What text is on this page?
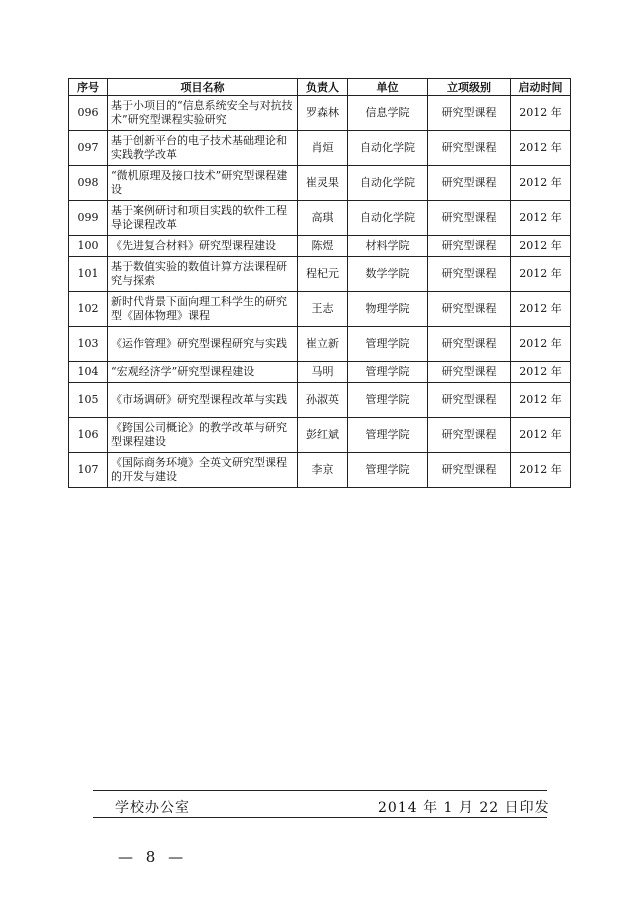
序号	项目名称	负责人	单位	立项级别	启动时间
096	基于小项目的“信息系统安全与对抗技术”研究型课程实验研究	罗森林	信息学院	研究型课程	2012 年
097	基于创新平台的电子技术基础理论和实践教学改革	肖烜	自动化学院	研究型课程	2012 年
098	“微机原理及接口技术”研究型课程建设	崔灵果	自动化学院	研究型课程	2012 年
099	基于案例研讨和项目实践的软件工程导论课程改革	高琪	自动化学院	研究型课程	2012 年
100	《先进复合材料》研究型课程建设	陈煜	材料学院	研究型课程	2012 年
101	基于数值实验的数值计算方法课程研究与探索	程杞元	数学学院	研究型课程	2012 年
102	新时代背景下面向理工科学生的研究型《固体物理》课程	王志	物理学院	研究型课程	2012 年
103	《运作管理》研究型课程研究与实践	崔立新	管理学院	研究型课程	2012 年
104	“宏观经济学”研究型课程建设	马明	管理学院	研究型课程	2012 年
105	《市场调研》研究型课程改革与实践	孙淑英	管理学院	研究型课程	2012 年
106	《跨国公司概论》的教学改革与研究型课程建设	彭红斌	管理学院	研究型课程	2012 年
107	《国际商务环境》全英文研究型课程的开发与建设	李京	管理学院	研究型课程	2012 年
学校办公室	2014 年 1 月 22 日印发
— 8 —
